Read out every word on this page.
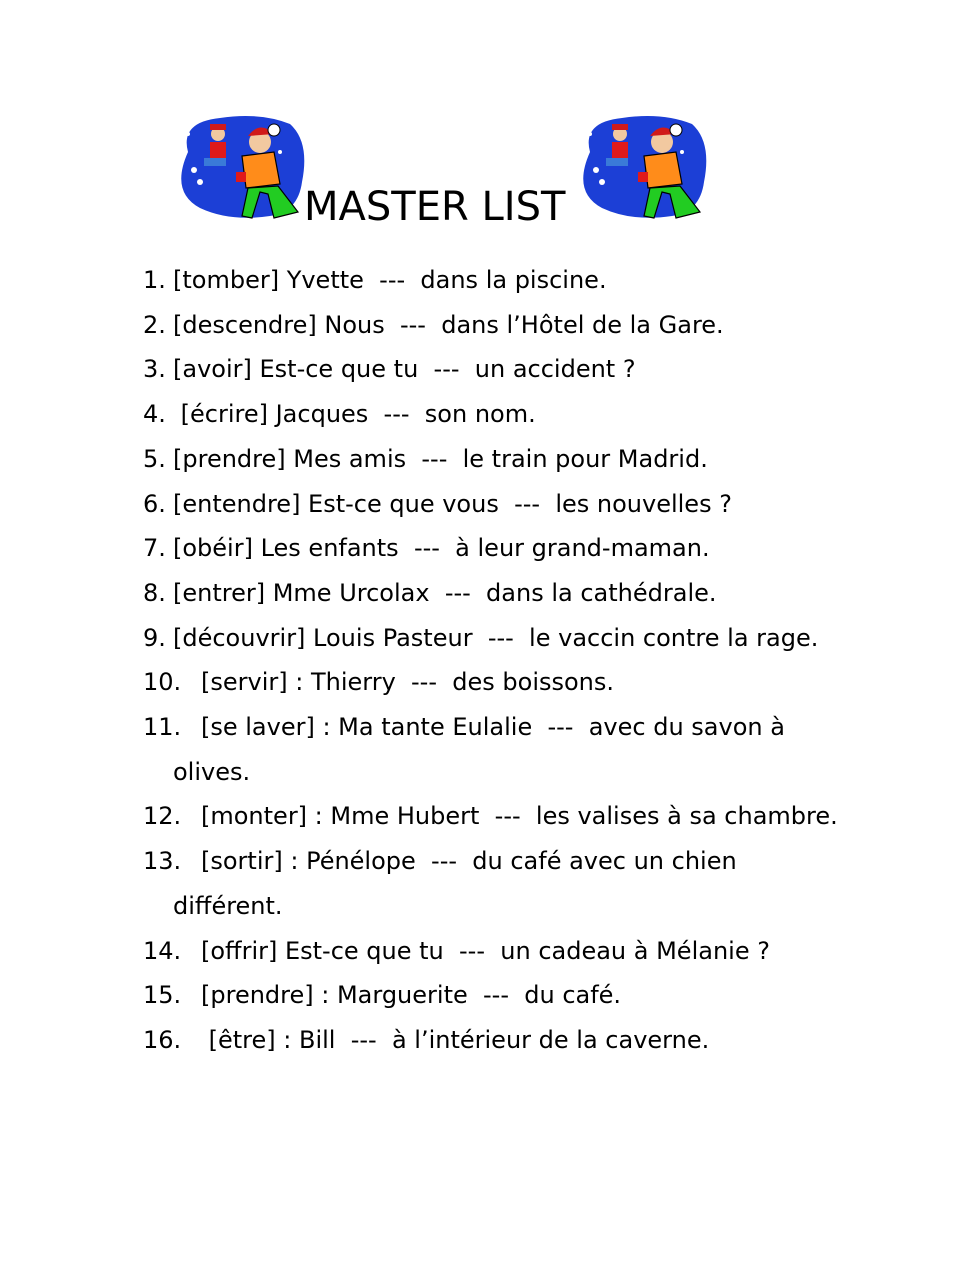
MASTER LIST
1. [tomber] Yvette  ---  dans la piscine.
2. [descendre] Nous  ---  dans l’Hôtel de la Gare.
3. [avoir] Est-ce que tu  ---  un accident ?
4. [écrire] Jacques  ---  son nom.
5. [prendre] Mes amis  ---  le train pour Madrid.
6. [entendre] Est-ce que vous  ---  les nouvelles ?
7. [obéir] Les enfants  ---  à leur grand-maman.
8. [entrer] Mme Urcolax  ---  dans la cathédrale.
9. [découvrir] Louis Pasteur  ---  le vaccin contre la rage.
10. [servir] : Thierry  ---  des boissons.
11. [se laver] : Ma tante Eulalie  ---  avec du savon à olives.
12. [monter] : Mme Hubert  ---  les valises à sa chambre.
13. [sortir] : Pénélope  ---  du café avec un chien différent.
14. [offrir] Est-ce que tu  ---  un cadeau à Mélanie ?
15. [prendre] : Marguerite  ---  du café.
16. [être] : Bill  ---  à l’intérieur de la caverne.
